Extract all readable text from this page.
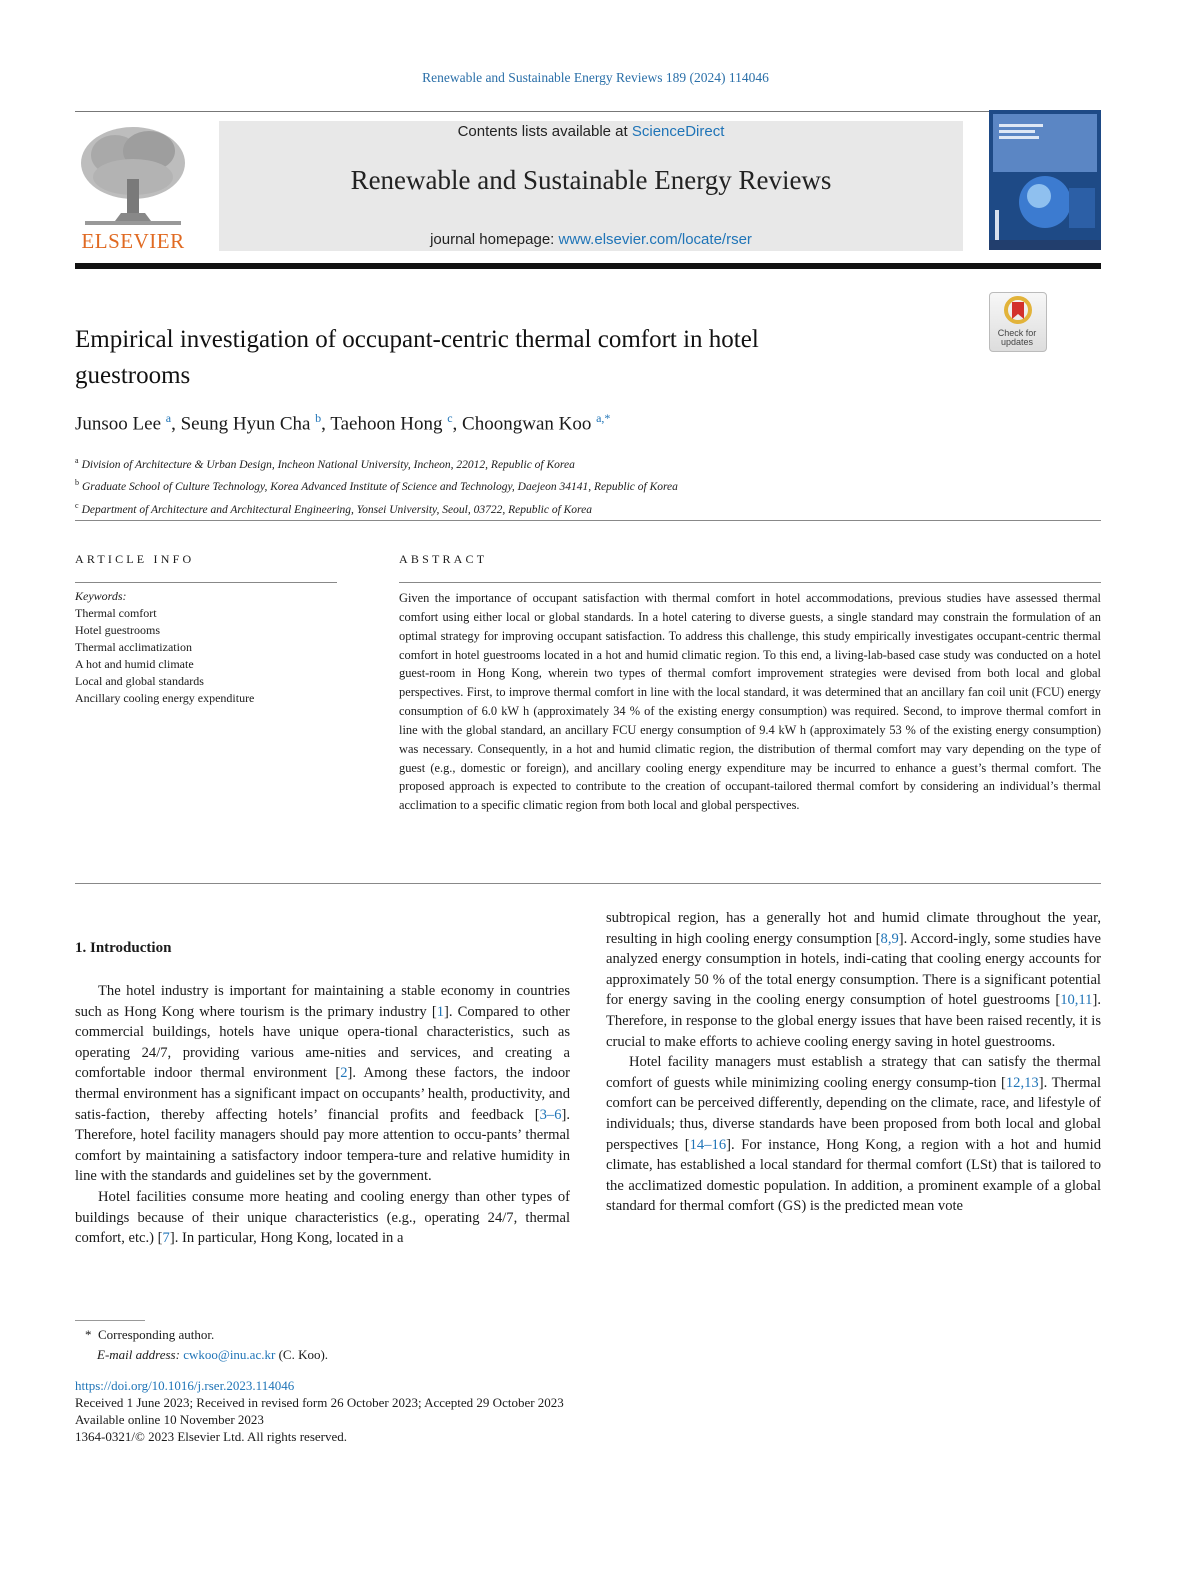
Renewable and Sustainable Energy Reviews 189 (2024) 114046
ELSEVIER
Contents lists available at ScienceDirect
Renewable and Sustainable Energy Reviews
journal homepage: www.elsevier.com/locate/rser
Check for
updates
Empirical investigation of occupant-centric thermal comfort in hotel guestrooms
Junsoo Lee $^a$, Seung Hyun Cha $^b$, Taehoon Hong $^c$, Choongwan Koo $^{a,*}$
$^a$ Division of Architecture & Urban Design, Incheon National University, Incheon, 22012, Republic of Korea
$^b$ Graduate School of Culture Technology, Korea Advanced Institute of Science and Technology, Daejeon 34141, Republic of Korea
$^c$ Department of Architecture and Architectural Engineering, Yonsei University, Seoul, 03722, Republic of Korea
ARTICLE INFO
Keywords:
Thermal comfort
Hotel guestrooms
Thermal acclimatization
A hot and humid climate
Local and global standards
Ancillary cooling energy expenditure
ABSTRACT
Given the importance of occupant satisfaction with thermal comfort in hotel accommodations, previous studies have assessed thermal comfort using either local or global standards. In a hotel catering to diverse guests, a single standard may constrain the formulation of an optimal strategy for improving occupant satisfaction. To address this challenge, this study empirically investigates occupant-centric thermal comfort in hotel guestrooms located in a hot and humid climatic region. To this end, a living-lab-based case study was conducted on a hotel guest-room in Hong Kong, wherein two types of thermal comfort improvement strategies were devised from both local and global perspectives. First, to improve thermal comfort in line with the local standard, it was determined that an ancillary fan coil unit (FCU) energy consumption of 6.0 kW h (approximately 34 % of the existing energy consumption) was required. Second, to improve thermal comfort in line with the global standard, an ancillary FCU energy consumption of 9.4 kW h (approximately 53 % of the existing energy consumption) was necessary. Consequently, in a hot and humid climatic region, the distribution of thermal comfort may vary depending on the type of guest (e.g., domestic or foreign), and ancillary cooling energy expenditure may be incurred to enhance a guest’s thermal comfort. The proposed approach is expected to contribute to the creation of occupant-tailored thermal comfort by considering an individual’s thermal acclimation to a specific climatic region from both local and global perspectives.
1. Introduction

The hotel industry is important for maintaining a stable economy in countries such as Hong Kong where tourism is the primary industry [1]. Compared to other commercial buildings, hotels have unique opera-tional characteristics, such as operating 24/7, providing various ame-nities and services, and creating a comfortable indoor thermal environment [2]. Among these factors, the indoor thermal environment has a significant impact on occupants’ health, productivity, and satis-faction, thereby affecting hotels’ financial profits and feedback [3–6]. Therefore, hotel facility managers should pay more attention to occu-pants’ thermal comfort by maintaining a satisfactory indoor tempera-ture and relative humidity in line with the standards and guidelines set by the government.

Hotel facilities consume more heating and cooling energy than other types of buildings because of their unique characteristics (e.g., operating 24/7, thermal comfort, etc.) [7]. In particular, Hong Kong, located in a

subtropical region, has a generally hot and humid climate throughout the year, resulting in high cooling energy consumption [8,9]. Accord-ingly, some studies have analyzed energy consumption in hotels, indi-cating that cooling energy accounts for approximately 50 % of the total energy consumption. There is a significant potential for energy saving in the cooling energy consumption of hotel guestrooms [10,11]. Therefore, in response to the global energy issues that have been raised recently, it is crucial to make efforts to achieve cooling energy saving in hotel guestrooms.

Hotel facility managers must establish a strategy that can satisfy the thermal comfort of guests while minimizing cooling energy consump-tion [12,13]. Thermal comfort can be perceived differently, depending on the climate, race, and lifestyle of individuals; thus, diverse standards have been proposed from both local and global perspectives [14–16]. For instance, Hong Kong, a region with a hot and humid climate, has established a local standard for thermal comfort (LSt) that is tailored to the acclimatized domestic population. In addition, a prominent example of a global standard for thermal comfort (GS) is the predicted mean vote

* Corresponding author.
E-mail address: cwkoo@inu.ac.kr (C. Koo).
https://doi.org/10.1016/j.rser.2023.114046
Received 1 June 2023; Received in revised form 26 October 2023; Accepted 29 October 2023
Available online 10 November 2023
1364-0321/© 2023 Elsevier Ltd. All rights reserved.
